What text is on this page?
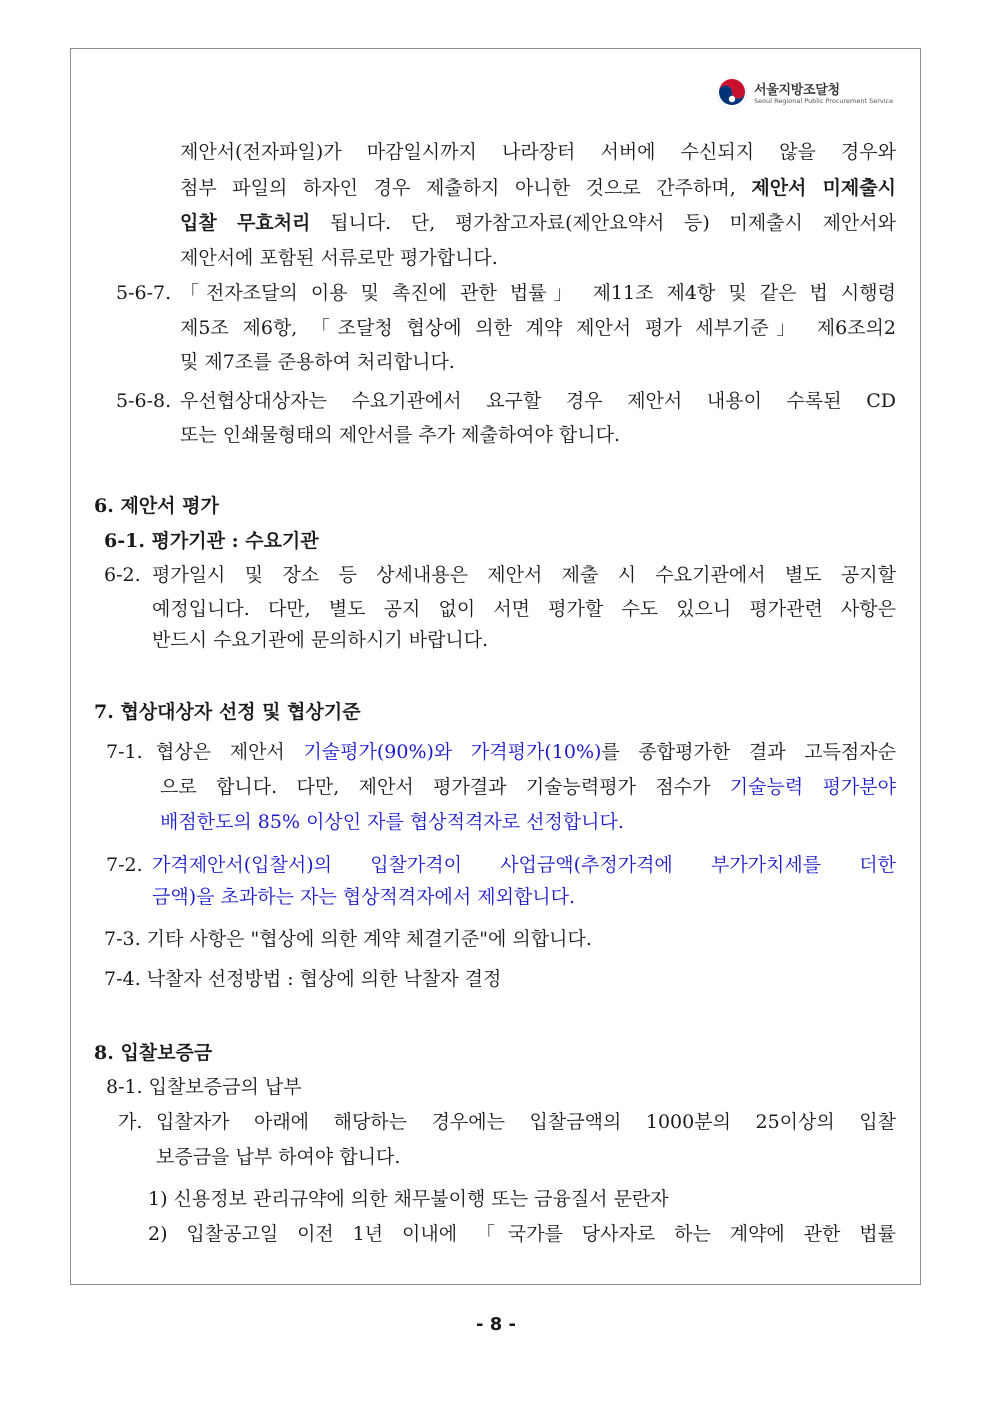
서울지방조달청
Seoul Regional Public Procurement Service
제안서(전자파일)가 마감일시까지 나라장터 서버에 수신되지 않을 경우와
첨부 파일의 하자인 경우 제출하지 아니한 것으로 간주하며, 제안서 미제출시
입찰 무효처리 됩니다. 단, 평가참고자료(제안요약서 등) 미제출시 제안서와
제안서에 포함된 서류로만 평가합니다.
5-6-7. 「전자조달의 이용 및 촉진에 관한 법률」 제11조 제4항 및 같은 법 시행령
제5조 제6항, 「조달청 협상에 의한 계약 제안서 평가 세부기준」 제6조의2
및 제7조를 준용하여 처리합니다.
5-6-8. 우선협상대상자는 수요기관에서 요구할 경우 제안서 내용이 수록된 CD
또는 인쇄물형태의 제안서를 추가 제출하여야 합니다.
6. 제안서 평가
6-1. 평가기관 : 수요기관
6-2. 평가일시 및 장소 등 상세내용은 제안서 제출 시 수요기관에서 별도 공지할
예정입니다. 다만, 별도 공지 없이 서면 평가할 수도 있으니 평가관련 사항은
반드시 수요기관에 문의하시기 바랍니다.
7. 협상대상자 선정 및 협상기준
7-1. 협상은 제안서 기술평가(90%)와 가격평가(10%)를 종합평가한 결과 고득점자순
으로 합니다. 다만, 제안서 평가결과 기술능력평가 점수가 기술능력 평가분야
배점한도의 85% 이상인 자를 협상적격자로 선정합니다.
7-2. 가격제안서(입찰서)의 입찰가격이 사업금액(추정가격에 부가가치세를 더한
금액)을 초과하는 자는 협상적격자에서 제외합니다.
7-3. 기타 사항은 "협상에 의한 계약 체결기준"에 의합니다.
7-4. 낙찰자 선정방법 : 협상에 의한 낙찰자 결정
8. 입찰보증금
8-1. 입찰보증금의 납부
가. 입찰자가 아래에 해당하는 경우에는 입찰금액의 1000분의 25이상의 입찰
보증금을 납부 하여야 합니다.
1) 신용정보 관리규약에 의한 채무불이행 또는 금융질서 문란자
2) 입찰공고일 이전 1년 이내에 「국가를 당사자로 하는 계약에 관한 법률
- 8 -
